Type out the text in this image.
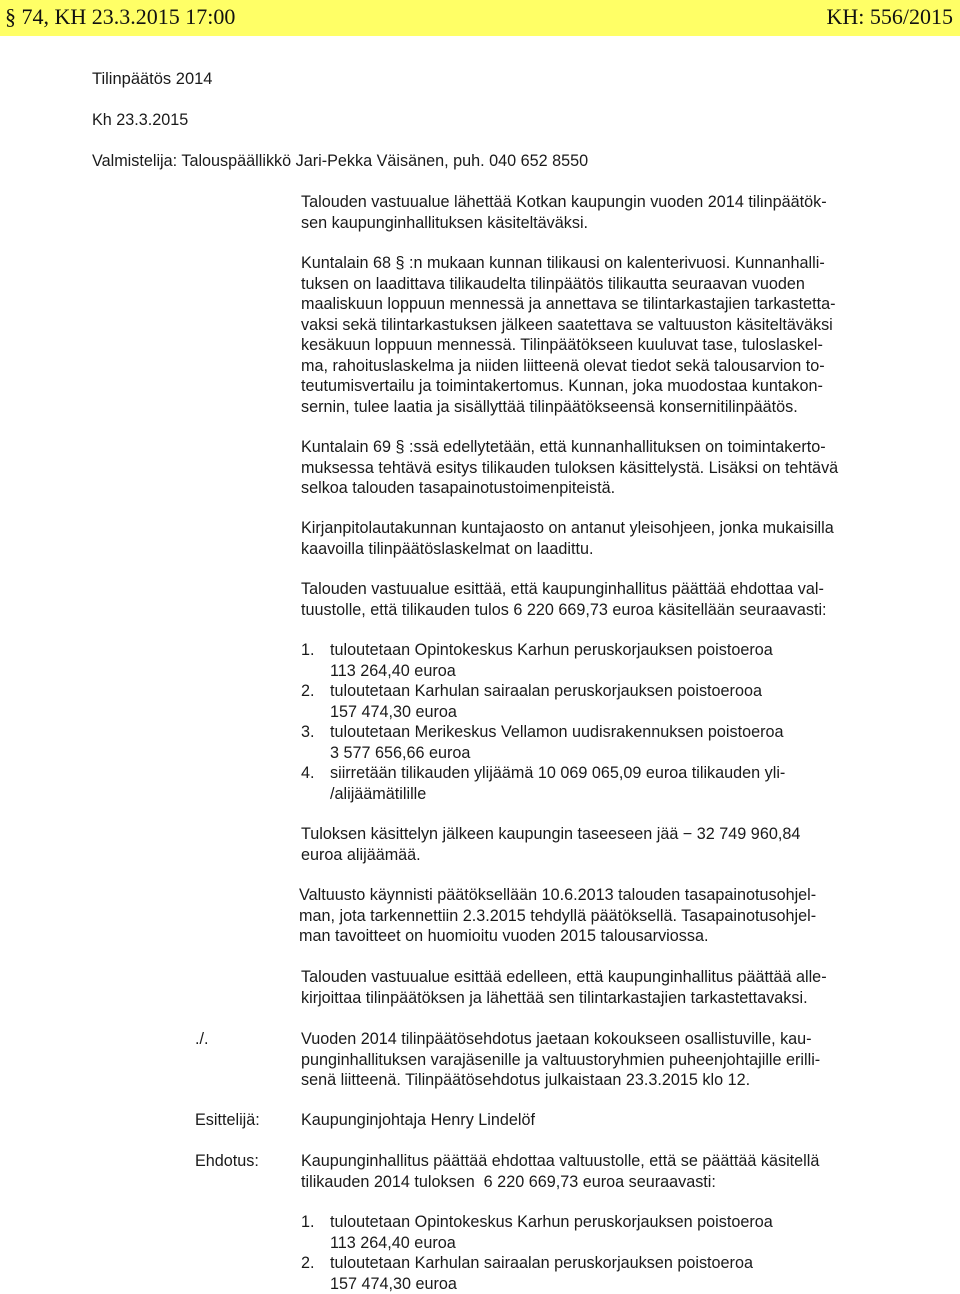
§ 74, KH 23.3.2015 17:00	KH: 556/2015
Tilinpäätös 2014
Kh 23.3.2015
Valmistelija: Talouspäällikkö Jari-Pekka Väisänen, puh. 040 652 8550
Talouden vastuualue lähettää Kotkan kaupungin vuoden 2014 tilinpäätök-
sen kaupunginhallituksen käsiteltäväksi.
Kuntalain 68 § :n mukaan kunnan tilikausi on kalenterivuosi. Kunnanhalli-
tuksen on laadittava tilikaudelta tilinpäätös tilikautta seuraavan vuoden
maaliskuun loppuun mennessä ja annettava se tilintarkastajien tarkastetta-
vaksi sekä tilintarkastuksen jälkeen saatettava se valtuuston käsiteltäväksi
kesäkuun loppuun mennessä. Tilinpäätökseen kuuluvat tase, tuloslaskel-
ma, rahoituslaskelma ja niiden liitteenä olevat tiedot sekä talousarvion to-
teutumisvertailu ja toimintakertomus. Kunnan, joka muodostaa kuntakon-
sernin, tulee laatia ja sisällyttää tilinpäätökseensä konsernitilinpäätös.
Kuntalain 69 § :ssä edellytetään, että kunnanhallituksen on toimintakerto-
muksessa tehtävä esitys tilikauden tuloksen käsittelystä. Lisäksi on tehtävä
selkoa talouden tasapainotustoimenpiteistä.
Kirjanpitolautakunnan kuntajaosto on antanut yleisohjeen, jonka mukaisilla
kaavoilla tilinpäätöslaskelmat on laadittu.
Talouden vastuualue esittää, että kaupunginhallitus päättää ehdottaa val-
tuustolle, että tilikauden tulos 6 220 669,73 euroa käsitellään seuraavasti:
1. tuloutetaan Opintokeskus Karhun peruskorjauksen poistoeroa
113 264,40 euroa
2. tuloutetaan Karhulan sairaalan peruskorjauksen poistoerooa
157 474,30 euroa
3. tuloutetaan Merikeskus Vellamon uudisrakennuksen poistoeroa
3 577 656,66 euroa
4. siirretään tilikauden ylijäämä 10 069 065,09 euroa tilikauden yli-
/alijäämätilille
Tuloksen käsittelyn jälkeen kaupungin taseeseen jää − 32 749 960,84
euroa alijäämää.
Valtuusto käynnisti päätöksellään 10.6.2013 talouden tasapainotusohjel-
man, jota tarkennettiin 2.3.2015 tehdyllä päätöksellä. Tasapainotusohjel-
man tavoitteet on huomioitu vuoden 2015 talousarviossa.
Talouden vastuualue esittää edelleen, että kaupunginhallitus päättää alle-
kirjoittaa tilinpäätöksen ja lähettää sen tilintarkastajien tarkastettavaksi.
./.	Vuoden 2014 tilinpäätösehdotus jaetaan kokoukseen osallistuville, kau-
punginhallituksen varajäsenille ja valtuustoryhmien puheenjohtajille erilli-
senä liitteenä. Tilinpäätösehdotus julkaistaan 23.3.2015 klo 12.
Esittelijä:	Kaupunginjohtaja Henry Lindelöf
Ehdotus:	Kaupunginhallitus päättää ehdottaa valtuustolle, että se päättää käsitellä
tilikauden 2014 tuloksen  6 220 669,73 euroa seuraavasti:
1. tuloutetaan Opintokeskus Karhun peruskorjauksen poistoeroa
113 264,40 euroa
2. tuloutetaan Karhulan sairaalan peruskorjauksen poistoeroa
157 474,30 euroa
